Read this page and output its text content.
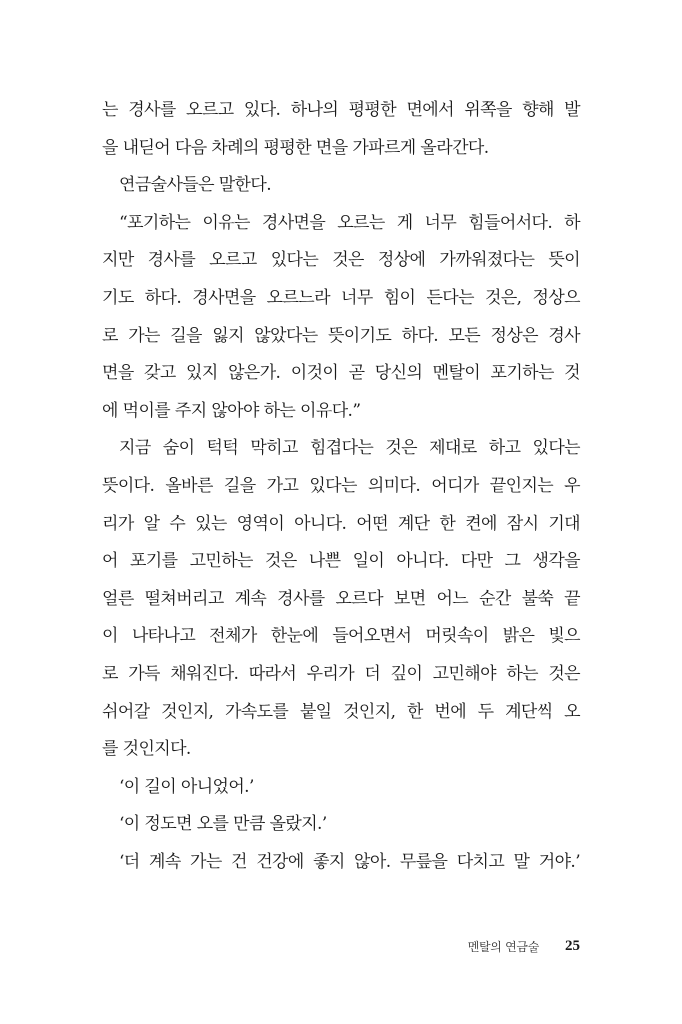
는 경사를 오르고 있다. 하나의 평평한 면에서 위쪽을 향해 발
을 내딛어 다음 차례의 평평한 면을 가파르게 올라간다.
연금술사들은 말한다.
“포기하는 이유는 경사면을 오르는 게 너무 힘들어서다. 하
지만 경사를 오르고 있다는 것은 정상에 가까워졌다는 뜻이
기도 하다. 경사면을 오르느라 너무 힘이 든다는 것은, 정상으
로 가는 길을 잃지 않았다는 뜻이기도 하다. 모든 정상은 경사
면을 갖고 있지 않은가. 이것이 곧 당신의 멘탈이 포기하는 것
에 먹이를 주지 않아야 하는 이유다.”
지금 숨이 턱턱 막히고 힘겹다는 것은 제대로 하고 있다는
뜻이다. 올바른 길을 가고 있다는 의미다. 어디가 끝인지는 우
리가 알 수 있는 영역이 아니다. 어떤 계단 한 켠에 잠시 기대
어 포기를 고민하는 것은 나쁜 일이 아니다. 다만 그 생각을
얼른 떨쳐버리고 계속 경사를 오르다 보면 어느 순간 불쑥 끝
이 나타나고 전체가 한눈에 들어오면서 머릿속이 밝은 빛으
로 가득 채워진다. 따라서 우리가 더 깊이 고민해야 하는 것은
쉬어갈 것인지, 가속도를 붙일 것인지, 한 번에 두 계단씩 오
를 것인지다.
‘이 길이 아니었어.’
‘이 정도면 오를 만큼 올랐지.’
‘더 계속 가는 건 건강에 좋지 않아. 무릎을 다치고 말 거야.’
멘탈의 연금술 25
